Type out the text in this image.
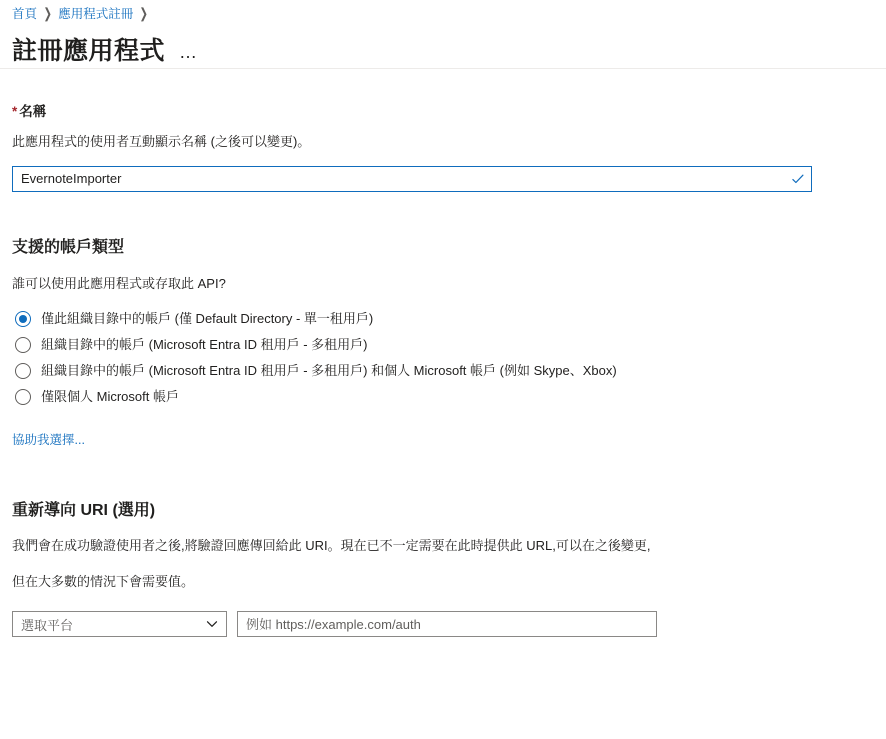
首頁 ❯ 應用程式註冊 ❯
註冊應用程式 …
* 名稱

此應用程式的使用者互動顯示名稱 (之後可以變更)。

EvernoteImporter
支援的帳戶類型

誰可以使用此應用程式或存取此 API?

僅此組織目錄中的帳戶 (僅 Default Directory - 單一租用戶)
組織目錄中的帳戶 (Microsoft Entra ID 租用戶 - 多租用戶)
組織目錄中的帳戶 (Microsoft Entra ID 租用戶 - 多租用戶) 和個人 Microsoft 帳戶 (例如 Skype、Xbox)
僅限個人 Microsoft 帳戶
協助我選擇...
重新導向 URI (選用)

我們會在成功驗證使用者之後,將驗證回應傳回給此 URI。現在已不一定需要在此時提供此 URL,可以在之後變更,

但在大多數的情況下會需要值。

選取平台
例如 https://example.com/auth
